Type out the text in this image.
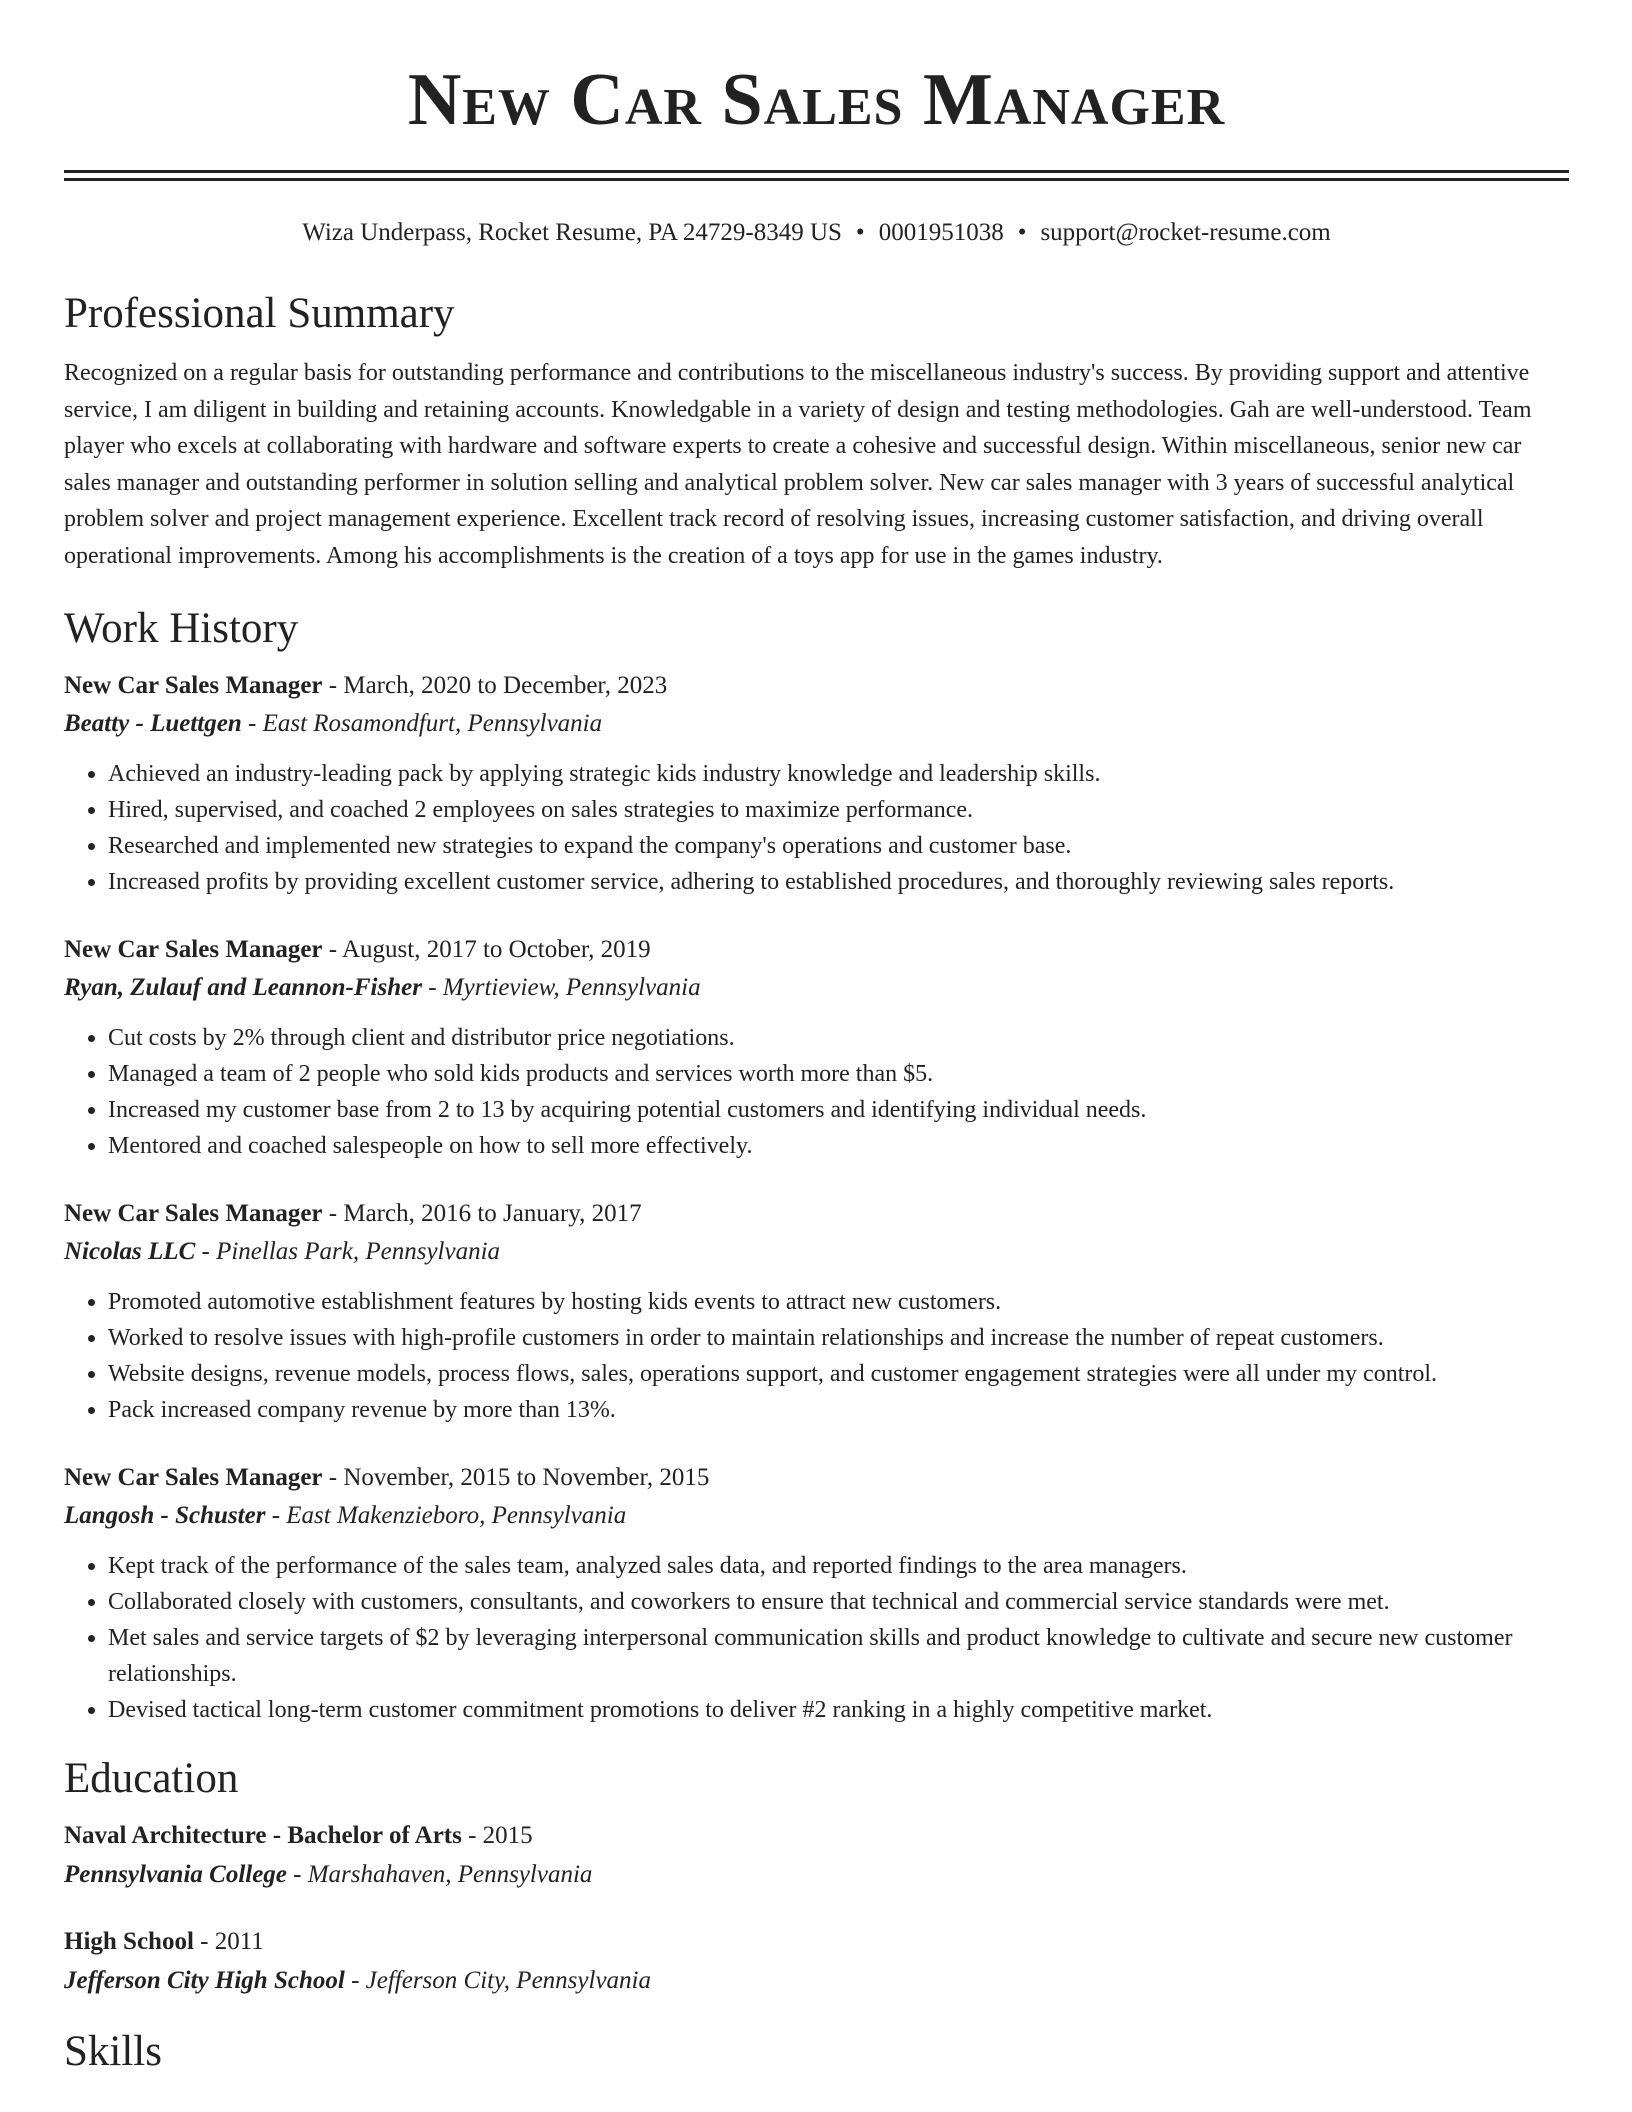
New Car Sales Manager
Wiza Underpass, Rocket Resume, PA 24729-8349 US • 0001951038 • support@rocket-resume.com
Professional Summary
Recognized on a regular basis for outstanding performance and contributions to the miscellaneous industry's success. By providing support and attentive service, I am diligent in building and retaining accounts. Knowledgable in a variety of design and testing methodologies. Gah are well-understood. Team player who excels at collaborating with hardware and software experts to create a cohesive and successful design. Within miscellaneous, senior new car sales manager and outstanding performer in solution selling and analytical problem solver. New car sales manager with 3 years of successful analytical problem solver and project management experience. Excellent track record of resolving issues, increasing customer satisfaction, and driving overall operational improvements. Among his accomplishments is the creation of a toys app for use in the games industry.
Work History
New Car Sales Manager - March, 2020 to December, 2023
Beatty - Luettgen - East Rosamondfurt, Pennsylvania
• Achieved an industry-leading pack by applying strategic kids industry knowledge and leadership skills.
• Hired, supervised, and coached 2 employees on sales strategies to maximize performance.
• Researched and implemented new strategies to expand the company's operations and customer base.
• Increased profits by providing excellent customer service, adhering to established procedures, and thoroughly reviewing sales reports.
New Car Sales Manager - August, 2017 to October, 2019
Ryan, Zulauf and Leannon-Fisher - Myrtieview, Pennsylvania
• Cut costs by 2% through client and distributor price negotiations.
• Managed a team of 2 people who sold kids products and services worth more than $5.
• Increased my customer base from 2 to 13 by acquiring potential customers and identifying individual needs.
• Mentored and coached salespeople on how to sell more effectively.
New Car Sales Manager - March, 2016 to January, 2017
Nicolas LLC - Pinellas Park, Pennsylvania
• Promoted automotive establishment features by hosting kids events to attract new customers.
• Worked to resolve issues with high-profile customers in order to maintain relationships and increase the number of repeat customers.
• Website designs, revenue models, process flows, sales, operations support, and customer engagement strategies were all under my control.
• Pack increased company revenue by more than 13%.
New Car Sales Manager - November, 2015 to November, 2015
Langosh - Schuster - East Makenzieboro, Pennsylvania
• Kept track of the performance of the sales team, analyzed sales data, and reported findings to the area managers.
• Collaborated closely with customers, consultants, and coworkers to ensure that technical and commercial service standards were met.
• Met sales and service targets of $2 by leveraging interpersonal communication skills and product knowledge to cultivate and secure new customer relationships.
• Devised tactical long-term customer commitment promotions to deliver #2 ranking in a highly competitive market.
Education
Naval Architecture - Bachelor of Arts - 2015
Pennsylvania College - Marshahaven, Pennsylvania
High School - 2011
Jefferson City High School - Jefferson City, Pennsylvania
Skills
